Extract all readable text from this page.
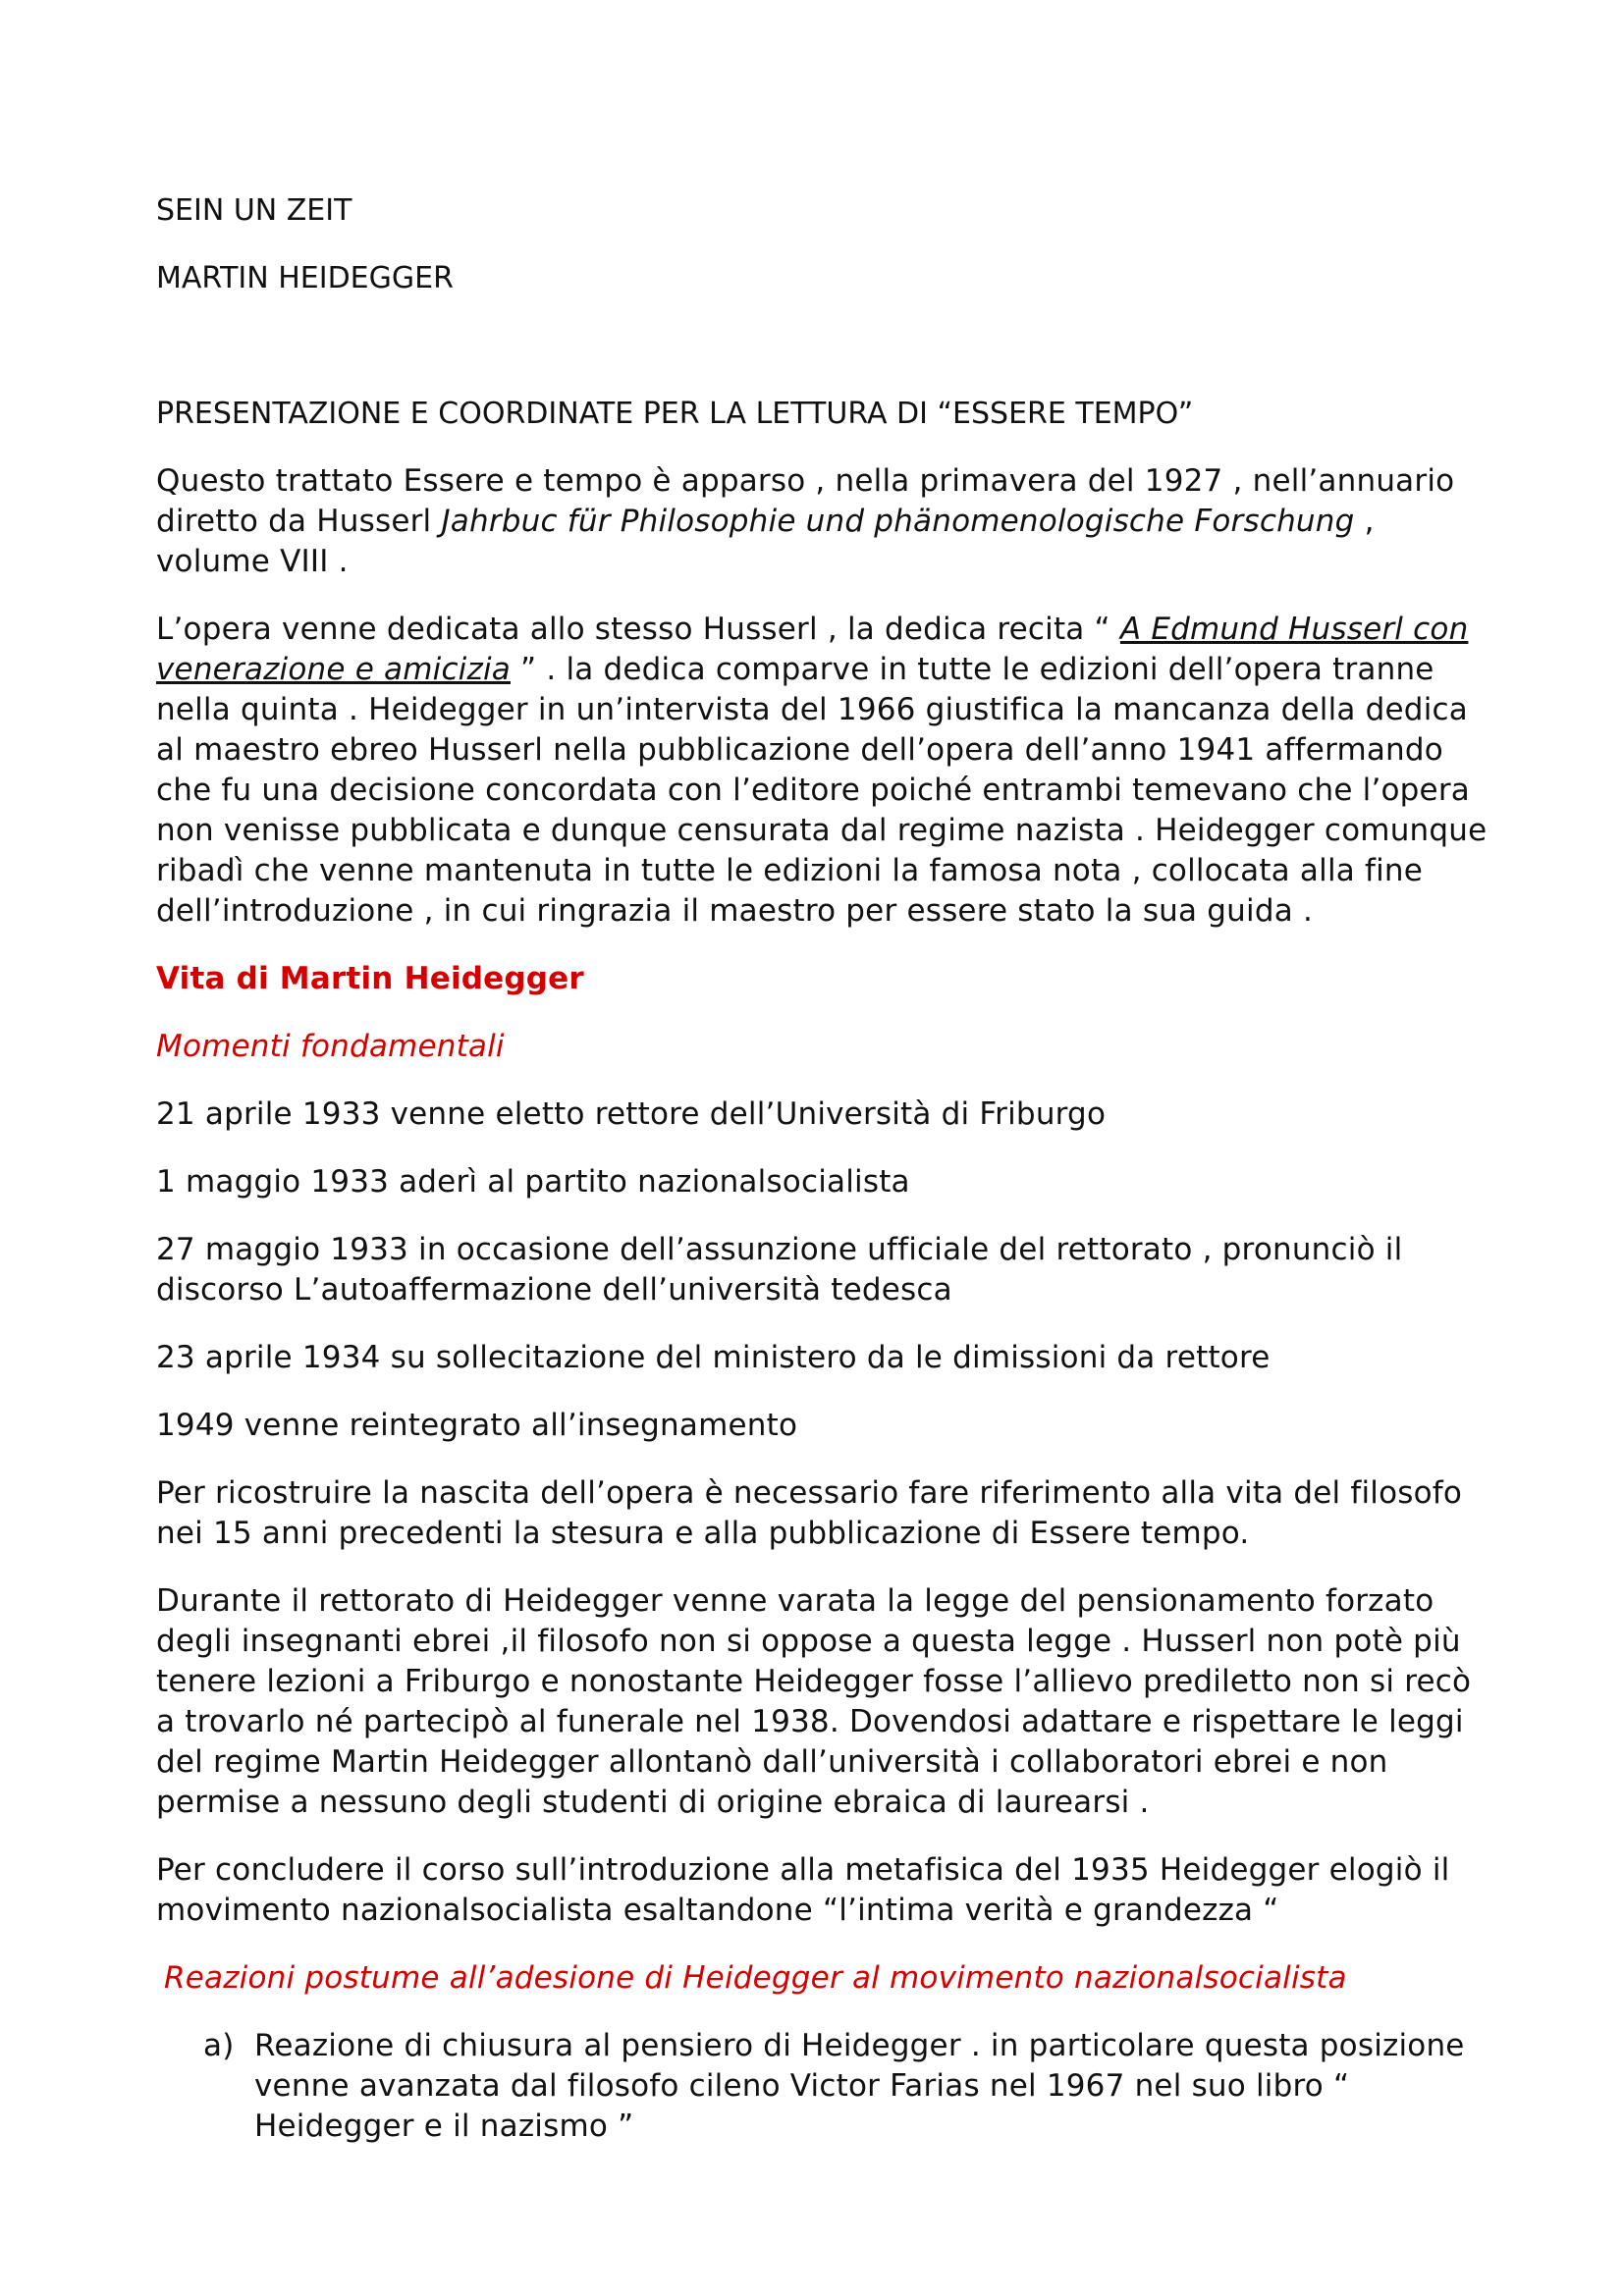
SEIN UN ZEIT

MARTIN HEIDEGGER

PRESENTAZIONE E COORDINATE PER LA LETTURA DI “ESSERE TEMPO”

Questo trattato Essere e tempo è apparso , nella primavera del 1927 , nell’annuario diretto da Husserl Jahrbuc für Philosophie und phänomenologische Forschung , volume VIII .

L’opera venne dedicata allo stesso Husserl , la dedica recita “ A Edmund Husserl con venerazione e amicizia ” . la dedica comparve in tutte le edizioni dell’opera tranne nella quinta . Heidegger in un’intervista del 1966 giustifica la mancanza della dedica al maestro ebreo Husserl nella pubblicazione dell’opera dell’anno 1941 affermando che fu una decisione concordata con l’editore poiché entrambi temevano che l’opera non venisse pubblicata e dunque censurata dal regime nazista . Heidegger comunque ribadì che venne mantenuta in tutte le edizioni la famosa nota , collocata alla fine dell’introduzione , in cui ringrazia il maestro per essere stato la sua guida .

Vita di Martin Heidegger

Momenti fondamentali

21 aprile 1933 venne eletto rettore dell’Università di Friburgo

1 maggio 1933 aderì al partito nazionalsocialista

27 maggio 1933 in occasione dell’assunzione ufficiale del rettorato , pronunciò il discorso L’autoaffermazione dell’università tedesca

23 aprile 1934 su sollecitazione del ministero da le dimissioni da rettore

1949 venne reintegrato all’insegnamento

Per ricostruire la nascita dell’opera è necessario fare riferimento alla vita del filosofo nei 15 anni precedenti la stesura e alla pubblicazione di Essere tempo.

Durante il rettorato di Heidegger venne varata la legge del pensionamento forzato degli insegnanti ebrei ,il filosofo non si oppose a questa legge . Husserl non potè più tenere lezioni a Friburgo e nonostante Heidegger fosse l’allievo prediletto non si recò a trovarlo né partecipò al funerale nel 1938. Dovendosi adattare e rispettare le leggi del regime Martin Heidegger allontanò dall’università i collaboratori ebrei e non permise a nessuno degli studenti di origine ebraica di laurearsi .

Per concludere il corso sull’introduzione alla metafisica del 1935 Heidegger elogiò il movimento nazionalsocialista esaltandone “l’intima verità e grandezza “

Reazioni postume all’adesione di Heidegger al movimento nazionalsocialista

a) Reazione di chiusura al pensiero di Heidegger . in particolare questa posizione venne avanzata dal filosofo cileno Victor Farias nel 1967 nel suo libro “ Heidegger e il nazismo ”
